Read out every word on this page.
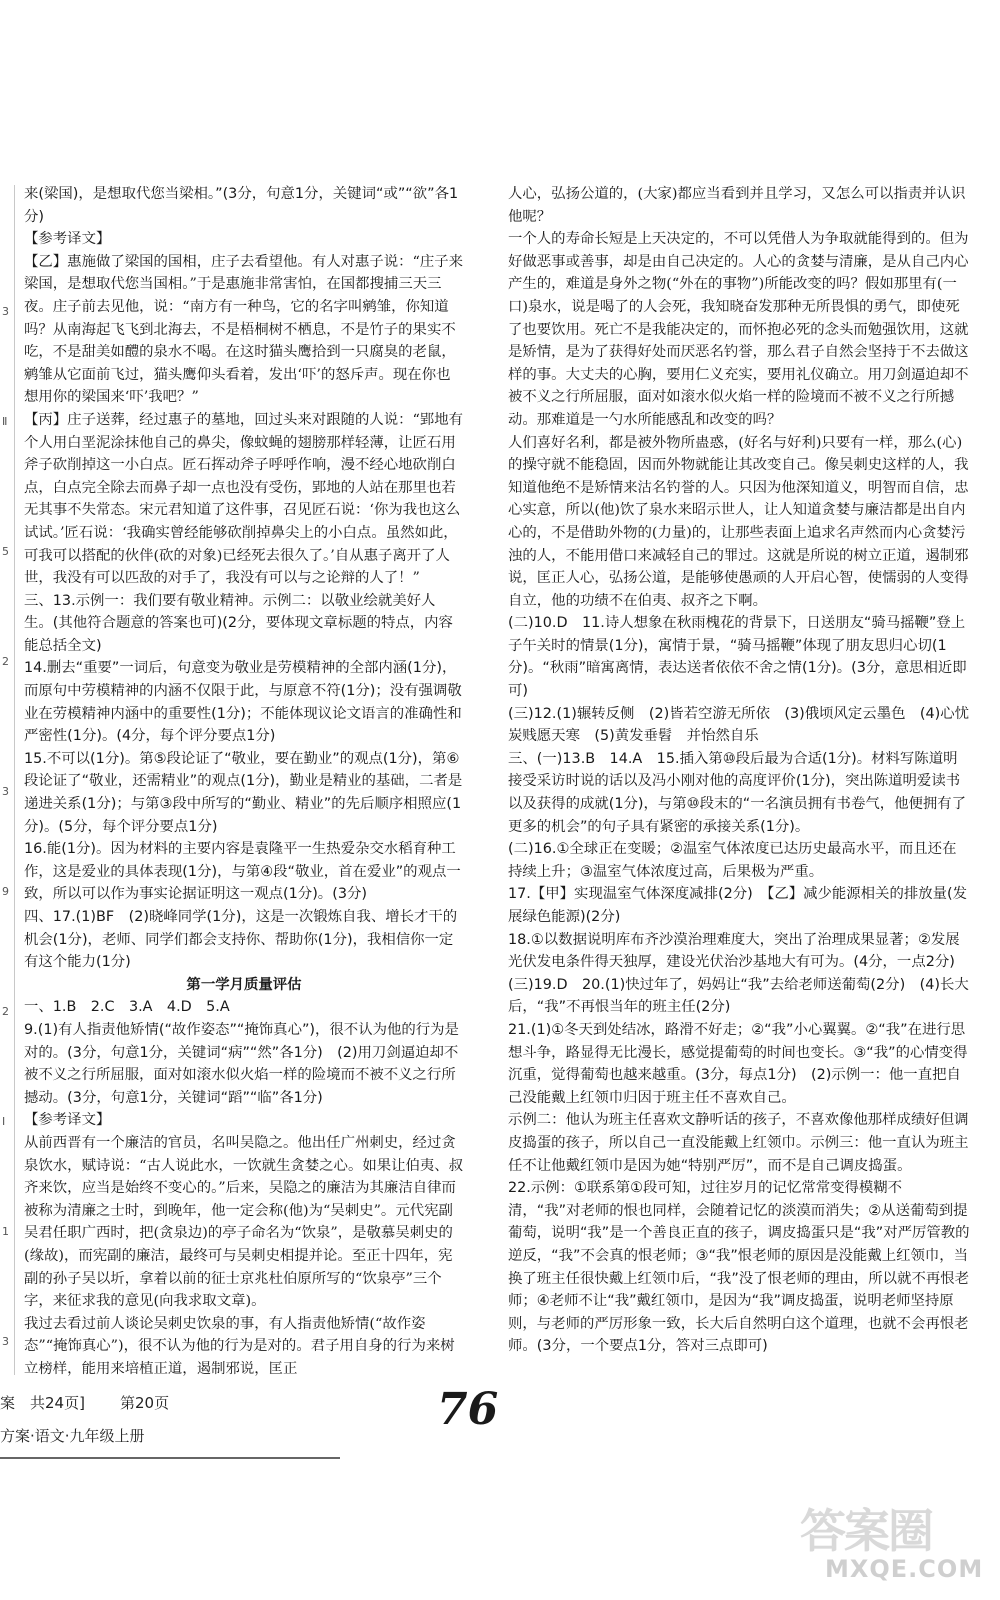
3
Ⅱ
5
2
3
9
2
I
1
3

来(梁国)，是想取代您当梁相。”(3分，句意1分，关键词“或”“欲”各1分)

【参考译文】

【乙】惠施做了梁国的国相，庄子去看望他。有人对惠子说：“庄子来梁国，是想取代您当国相。”于是惠施非常害怕，在国都搜捕三天三夜。庄子前去见他，说：“南方有一种鸟，它的名字叫鹓雏，你知道吗？从南海起飞飞到北海去，不是梧桐树不栖息，不是竹子的果实不吃，不是甜美如醴的泉水不喝。在这时猫头鹰拾到一只腐臭的老鼠，鹓雏从它面前飞过，猫头鹰仰头看着，发出‘吓’的怒斥声。现在你也想用你的梁国来‘吓’我吧？”

【丙】庄子送葬，经过惠子的墓地，回过头来对跟随的人说：“郢地有个人用白垩泥涂抹他自己的鼻尖，像蚊蝇的翅膀那样轻薄，让匠石用斧子砍削掉这一小白点。匠石挥动斧子呼呼作响，漫不经心地砍削白点，白点完全除去而鼻子却一点也没有受伤，郢地的人站在那里也若无其事不失常态。宋元君知道了这件事，召见匠石说：‘你为我也这么试试。’匠石说：‘我确实曾经能够砍削掉鼻尖上的小白点。虽然如此，可我可以搭配的伙伴(砍的对象)已经死去很久了。’自从惠子离开了人世，我没有可以匹敌的对手了，我没有可以与之论辩的人了！”

三、13.示例一：我们要有敬业精神。示例二：以敬业绘就美好人生。(其他符合题意的答案也可)(2分，要体现文章标题的特点，内容能总括全文)

14.删去“重要”一词后，句意变为敬业是劳模精神的全部内涵(1分)，而原句中劳模精神的内涵不仅限于此，与原意不符(1分)；没有强调敬业在劳模精神内涵中的重要性(1分)；不能体现议论文语言的准确性和严密性(1分)。(4分，每个评分要点1分)

15.不可以(1分)。第⑤段论证了“敬业，要在勤业”的观点(1分)，第⑥段论证了“敬业，还需精业”的观点(1分)，勤业是精业的基础，二者是递进关系(1分)；与第③段中所写的“勤业、精业”的先后顺序相照应(1分)。(5分，每个评分要点1分)

16.能(1分)。因为材料的主要内容是袁隆平一生热爱杂交水稻育种工作，这是爱业的具体表现(1分)，与第④段“敬业，首在爱业”的观点一致，所以可以作为事实论据证明这一观点(1分)。(3分)

四、17.(1)BF　(2)晓峰同学(1分)，这是一次锻炼自我、增长才干的机会(1分)，老师、同学们都会支持你、帮助你(1分)，我相信你一定有这个能力(1分)

第一学月质量评估

一、1.B　2.C　3.A　4.D　5.A

9.(1)有人指责他矫情(“故作姿态”“掩饰真心”)，很不认为他的行为是对的。(3分，句意1分，关键词“病”“然”各1分)　(2)用刀剑逼迫却不被不义之行所屈服，面对如滚水似火焰一样的险境而不被不义之行所撼动。(3分，句意1分，关键词“蹈”“临”各1分)

【参考译文】

从前西晋有一个廉洁的官员，名叫吴隐之。他出任广州刺史，经过贪泉饮水，赋诗说：“古人说此水，一饮就生贪婪之心。如果让伯夷、叔齐来饮，应当是始终不变心的。”后来，吴隐之的廉洁为其廉洁自律而被称为清廉之士时，到晚年，他一定会称(他)为“吴刺史”。元代宪副吴君任职广西时，把(贪泉边)的亭子命名为“饮泉”，是敬慕吴刺史的(缘故)，而宪副的廉洁，最终可与吴刺史相提并论。至正十四年，宪副的孙子吴以圻，拿着以前的征士京兆杜伯原所写的“饮泉亭”三个字，来征求我的意见(向我求取文章)。

我过去看过前人谈论吴刺史饮泉的事，有人指责他矫情(“故作姿态”“掩饰真心”)，很不认为他的行为是对的。君子用自身的行为来树立榜样，能用来培植正道，遏制邪说，匡正

人心，弘扬公道的，(大家)都应当看到并且学习，又怎么可以指责并认识他呢？

一个人的寿命长短是上天决定的，不可以凭借人为争取就能得到的。但为好做恶事或善事，却是由自己决定的。人心的贪婪与清廉，是从自己内心产生的，难道是身外之物(“外在的事物”)所能改变的吗？假如那里有(一口)泉水，说是喝了的人会死，我知晓奋发那种无所畏惧的勇气，即使死了也要饮用。死亡不是我能决定的，而怀抱必死的念头而勉强饮用，这就是矫情，是为了获得好处而厌恶名钓誉，那么君子自然会坚持于不去做这样的事。大丈夫的心胸，要用仁义充实，要用礼仪确立。用刀剑逼迫却不被不义之行所屈服，面对如滚水似火焰一样的险境而不被不义之行所撼动。那难道是一勺水所能感乱和改变的吗？

人们喜好名利，都是被外物所蛊惑，(好名与好利)只要有一样，那么(心)的操守就不能稳固，因而外物就能让其改变自己。像吴刺史这样的人，我知道他绝不是矫情来沽名钓誉的人。只因为他深知道义，明智而自信，忠心实意，所以(他)饮了泉水来昭示世人，让人知道贪婪与廉洁都是出自内心的，不是借助外物的(力量)的，让那些表面上追求名声然而内心贪婪污浊的人，不能用借口来减轻自己的罪过。这就是所说的树立正道，遏制邪说，匡正人心，弘扬公道，是能够使愚顽的人开启心智，使懦弱的人变得自立，他的功绩不在伯夷、叔齐之下啊。

(二)10.D　11.诗人想象在秋雨槐花的背景下，日送朋友“骑马摇鞭”登上子午关时的情景(1分)，寓情于景，“骑马摇鞭”体现了朋友思归心切(1分)。“秋雨”暗寓离情，表达送者依依不舍之情(1分)。(3分，意思相近即可)

(三)12.(1)辗转反侧　(2)皆若空游无所依　(3)俄顷风定云墨色　(4)心忧炭贱愿天寒　(5)黄发垂髫　并怡然自乐

三、(一)13.B　14.A　15.插入第⑩段后最为合适(1分)。材料写陈道明接受采访时说的话以及冯小刚对他的高度评价(1分)，突出陈道明爱读书以及获得的成就(1分)，与第⑩段末的“一名演员拥有书卷气，他便拥有了更多的机会”的句子具有紧密的承接关系(1分)。

(二)16.①全球正在变暖；②温室气体浓度已达历史最高水平，而且还在持续上升；③温室气体浓度过高，后果极为严重。

17.【甲】实现温室气体深度减排(2分)　【乙】减少能源相关的排放量(发展绿色能源)(2分)

18.①以数据说明库布齐沙漠治理难度大，突出了治理成果显著；②发展光伏发电条件得天独厚，建设光伏治沙基地大有可为。(4分，一点2分)

(三)19.D　20.(1)快过年了，妈妈让“我”去给老师送葡萄(2分)　(4)长大后，“我”不再恨当年的班主任(2分)

21.(1)①冬天到处结冰，路滑不好走；②“我”小心翼翼。②“我”在进行思想斗争，路显得无比漫长，感觉提葡萄的时间也变长。③“我”的心情变得沉重，觉得葡萄也越来越重。(3分，每点1分)　(2)示例一：他一直把自己没能戴上红领巾归因于班主任不喜欢自己。

示例二：他认为班主任喜欢文静听话的孩子，不喜欢像他那样成绩好但调皮捣蛋的孩子，所以自己一直没能戴上红领巾。示例三：他一直认为班主任不让他戴红领巾是因为她“特别严厉”，而不是自己调皮捣蛋。

22.示例：①联系第①段可知，过往岁月的记忆常常变得模糊不清，“我”对老师的恨也同样，会随着记忆的淡漠而消失；②从送葡萄到提葡萄，说明“我”是一个善良正直的孩子，调皮捣蛋只是“我”对严厉管教的逆反，“我”不会真的恨老师；③“我”恨老师的原因是没能戴上红领巾，当换了班主任很快戴上红领巾后，“我”没了恨老师的理由，所以就不再恨老师；④老师不让“我”戴红领巾，是因为“我”调皮捣蛋，说明老师坚持原则，与老师的严厉形象一致，长大后自然明白这个道理，也就不会再恨老师。(3分，一个要点1分，答对三点即可)

案　共24页] 第20页
方案·语文·九年级上册
76
答案圈
MXQE.COM
